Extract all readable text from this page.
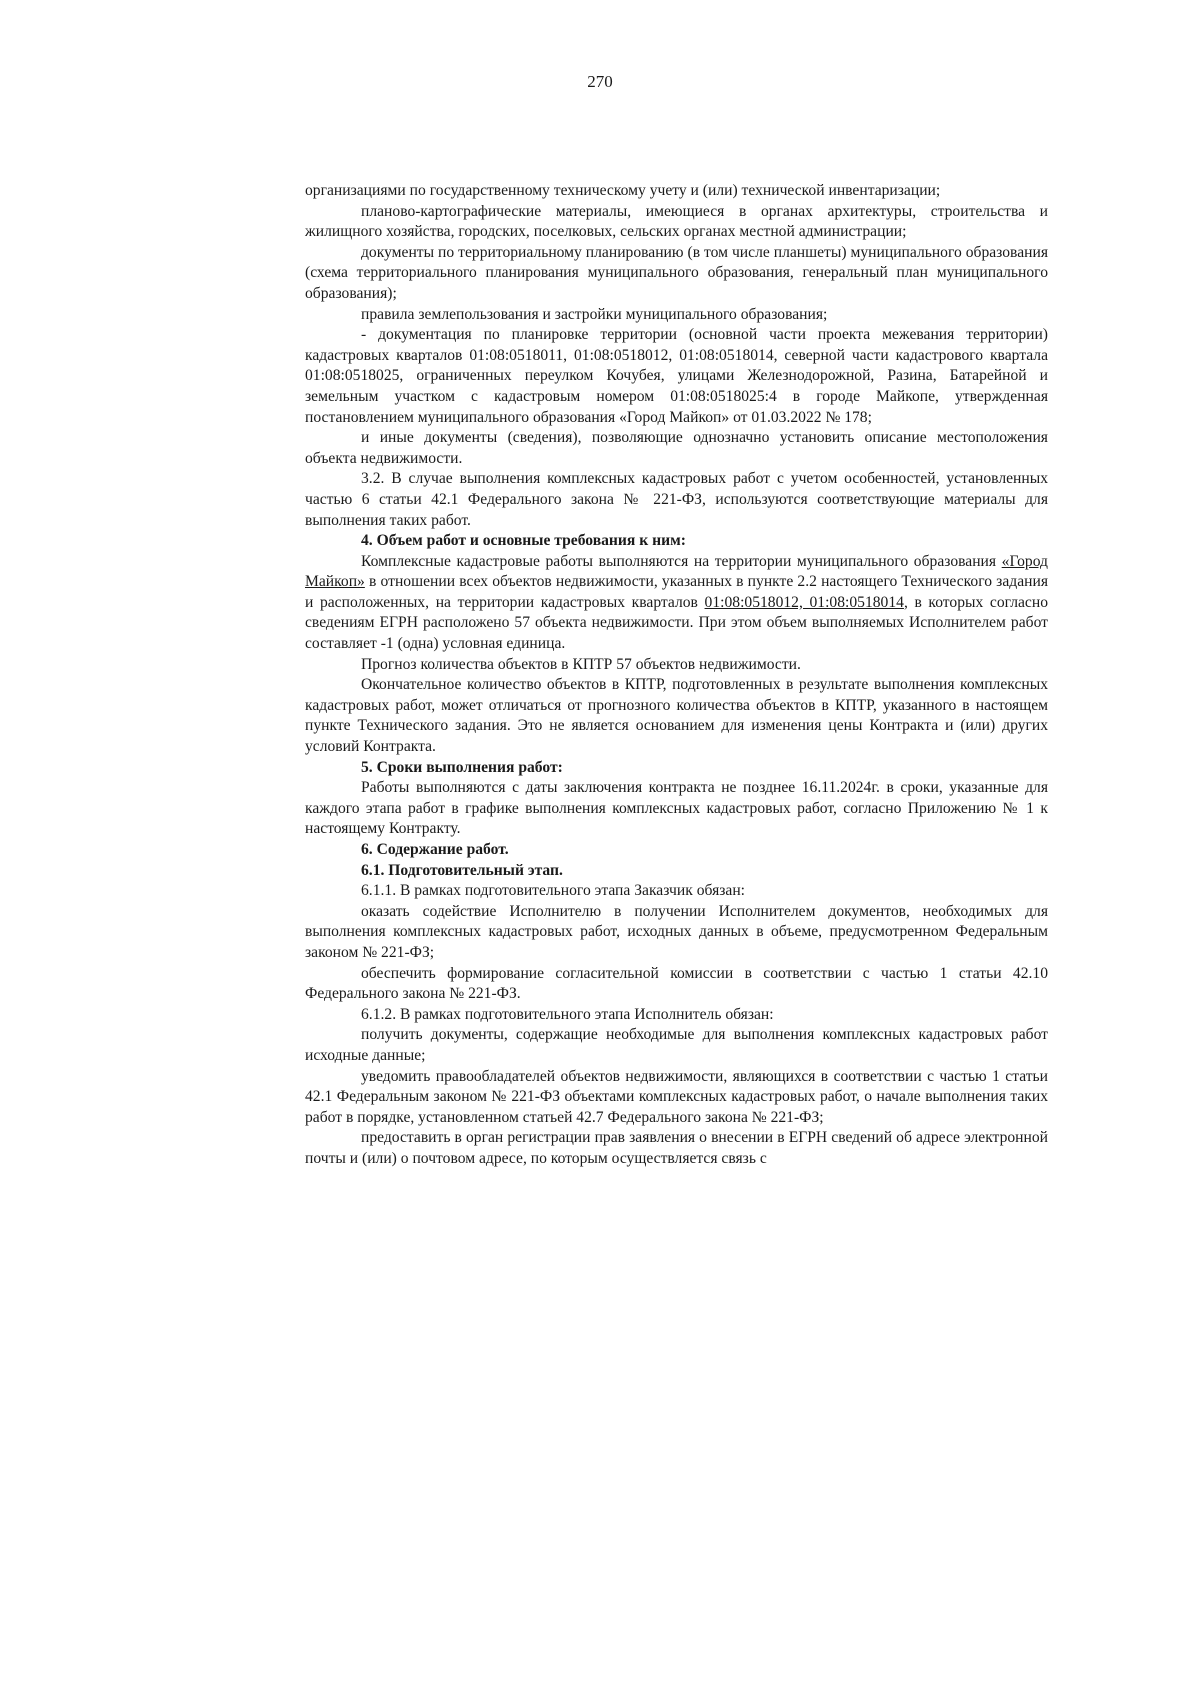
270

организациями по государственному техническому учету и (или) технической инвентаризации;

планово-картографические материалы, имеющиеся в органах архитектуры, строительства и жилищного хозяйства, городских, поселковых, сельских органах местной администрации;

документы по территориальному планированию (в том числе планшеты) муниципального образования (схема территориального планирования муниципального образования, генеральный план муниципального образования);

правила землепользования и застройки муниципального образования;

- документация по планировке территории (основной части проекта межевания территории) кадастровых кварталов 01:08:0518011, 01:08:0518012, 01:08:0518014, северной части кадастрового квартала 01:08:0518025, ограниченных переулком Кочубея, улицами Железнодорожной, Разина, Батарейной и земельным участком с кадастровым номером 01:08:0518025:4 в городе Майкопе, утвержденная постановлением муниципального образования «Город Майкоп» от 01.03.2022 № 178;

и иные документы (сведения), позволяющие однозначно установить описание местоположения объекта недвижимости.

3.2. В случае выполнения комплексных кадастровых работ с учетом особенностей, установленных частью 6 статьи 42.1 Федерального закона № 221-ФЗ, используются соответствующие материалы для выполнения таких работ.

4. Объем работ и основные требования к ним:

Комплексные кадастровые работы выполняются на территории муниципального образования «Город Майкоп» в отношении всех объектов недвижимости, указанных в пункте 2.2 настоящего Технического задания и расположенных, на территории кадастровых кварталов 01:08:0518012, 01:08:0518014, в которых согласно сведениям ЕГРН расположено 57 объекта недвижимости. При этом объем выполняемых Исполнителем работ составляет -1 (одна) условная единица.

Прогноз количества объектов в КПТР 57 объектов недвижимости.

Окончательное количество объектов в КПТР, подготовленных в результате выполнения комплексных кадастровых работ, может отличаться от прогнозного количества объектов в КПТР, указанного в настоящем пункте Технического задания. Это не является основанием для изменения цены Контракта и (или) других условий Контракта.

5. Сроки выполнения работ:

Работы выполняются с даты заключения контракта не позднее 16.11.2024г. в сроки, указанные для каждого этапа работ в графике выполнения комплексных кадастровых работ, согласно Приложению № 1 к настоящему Контракту.

6. Содержание работ.

6.1. Подготовительный этап.

6.1.1. В рамках подготовительного этапа Заказчик обязан:

оказать содействие Исполнителю в получении Исполнителем документов, необходимых для выполнения комплексных кадастровых работ, исходных данных в объеме, предусмотренном Федеральным законом № 221-ФЗ;

обеспечить формирование согласительной комиссии в соответствии с частью 1 статьи 42.10 Федерального закона № 221-ФЗ.

6.1.2. В рамках подготовительного этапа Исполнитель обязан:

получить документы, содержащие необходимые для выполнения комплексных кадастровых работ исходные данные;

уведомить правообладателей объектов недвижимости, являющихся в соответствии с частью 1 статьи 42.1 Федеральным законом № 221-ФЗ объектами комплексных кадастровых работ, о начале выполнения таких работ в порядке, установленном статьей 42.7 Федерального закона № 221-ФЗ;

предоставить в орган регистрации прав заявления о внесении в ЕГРН сведений об адресе электронной почты и (или) о почтовом адресе, по которым осуществляется связь с
